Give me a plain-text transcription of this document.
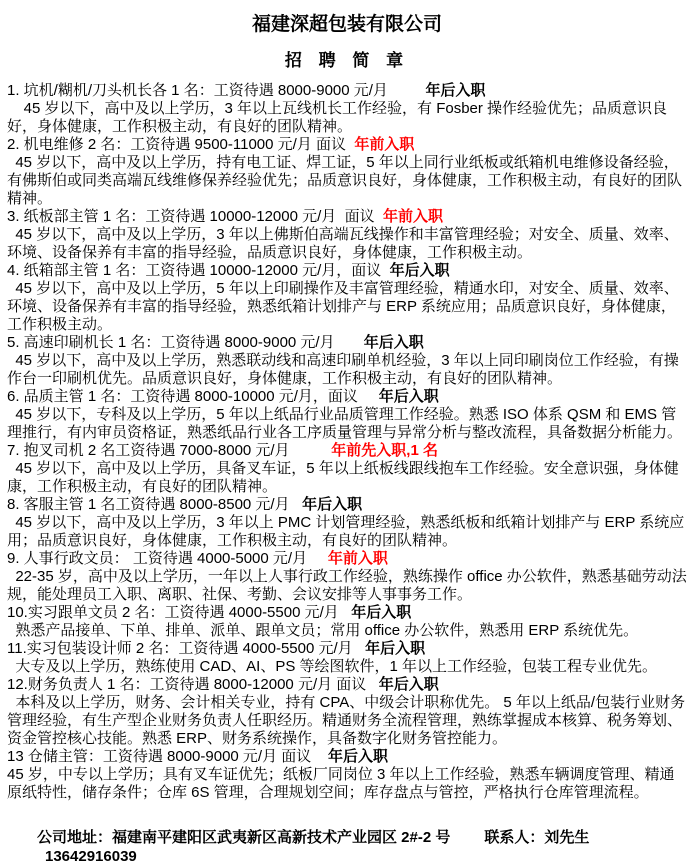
福建深超包装有限公司
招 聘 简 章
1. 坑机/糊机/刀头机长各 1 名：工资待遇 8000-9000 元/月         年后入职
45 岁以下，高中及以上学历，3 年以上瓦线机长工作经验，有 Fosber 操作经验优先；品质意识良好，身体健康，工作积极主动，有良好的团队精神。
2. 机电维修 2 名：工资待遇 9500-11000 元/月 面议  年前入职
45 岁以下，高中及以上学历，持有电工证、焊工证，5 年以上同行业纸板或纸箱机电维修设备经验，有佛斯伯或同类高端瓦线维修保养经验优先；品质意识良好，身体健康，工作积极主动，有良好的团队精神。
3. 纸板部主管 1 名：工资待遇 10000-12000 元/月  面议  年前入职
45 岁以下，高中及以上学历，3 年以上佛斯伯高端瓦线操作和丰富管理经验；对安全、质量、效率、环境、设备保养有丰富的指导经验，品质意识良好，身体健康，工作积极主动。
4. 纸箱部主管 1 名：工资待遇 10000-12000 元/月，面议  年后入职
45 岁以下，高中及以上学历，5 年以上印刷操作及丰富管理经验，精通水印，对安全、质量、效率、环境、设备保养有丰富的指导经验，熟悉纸箱计划排产与 ERP 系统应用；品质意识良好，身体健康，工作积极主动。
5. 高速印刷机长 1 名：工资待遇 8000-9000 元/月       年后入职
45 岁以下，高中及以上学历，熟悉联动线和高速印刷单机经验，3 年以上同印刷岗位工作经验，有操作台一印刷机优先。品质意识良好，身体健康，工作积极主动，有良好的团队精神。
6. 品质主管 1 名：工资待遇 8000-10000 元/月，面议     年后入职
45 岁以下，专科及以上学历，5 年以上纸品行业品质管理工作经验。熟悉 ISO 体系 QSM 和 EMS 管理推行，有内审员资格证，熟悉纸品行业各工序质量管理与异常分析与整改流程，具备数据分析能力。
7. 抱叉司机 2 名工资待遇 7000-8000 元/月          年前先入职,1 名
45 岁以下，高中及以上学历，具备叉车证，5 年以上纸板线跟线抱车工作经验。安全意识强，身体健康，工作积极主动，有良好的团队精神。
8. 客服主管 1 名工资待遇 8000-8500 元/月   年后入职
45 岁以下，高中及以上学历，3 年以上 PMC 计划管理经验，熟悉纸板和纸箱计划排产与 ERP 系统应用；品质意识良好，身体健康，工作积极主动，有良好的团队精神。
9. 人事行政文员： 工资待遇 4000-5000 元/月     年前入职
22-35 岁，高中及以上学历，一年以上人事行政工作经验，熟练操作 office 办公软件，熟悉基础劳动法规，能处理员工入职、离职、社保、考勤、会议安排等人事事务工作。
10.实习跟单文员 2 名：工资待遇 4000-5500 元/月   年后入职
熟悉产品接单、下单、排单、派单、跟单文员；常用 office 办公软件，熟悉用 ERP 系统优先。
11.实习包装设计师 2 名：工资待遇 4000-5500 元/月   年后入职
大专及以上学历，熟练使用 CAD、AI、PS 等绘图软件，1 年以上工作经验，包装工程专业优先。
12.财务负责人 1 名：工资待遇 8000-12000 元/月 面议   年后入职
本科及以上学历，财务、会计相关专业，持有 CPA、中级会计职称优先。 5 年以上纸品/包装行业财务管理经验，有生产型企业财务负责人任职经历。精通财务全流程管理，熟练掌握成本核算、税务筹划、资金管控核心技能。熟悉 ERP、财务系统操作，具备数字化财务管控能力。
13 仓储主管：工资待遇 8000-9000 元/月 面议    年后入职
45 岁，中专以上学历；具有叉车证优先；纸板厂同岗位 3 年以上工作经验，熟悉车辆调度管理、精通原纸特性，储存条件；仓库 6S 管理，合理规划空间；库存盘点与管控，严格执行仓库管理流程。
公司地址：福建南平建阳区武夷新区高新技术产业园区 2#-2 号 联系人：刘先生13642916039
